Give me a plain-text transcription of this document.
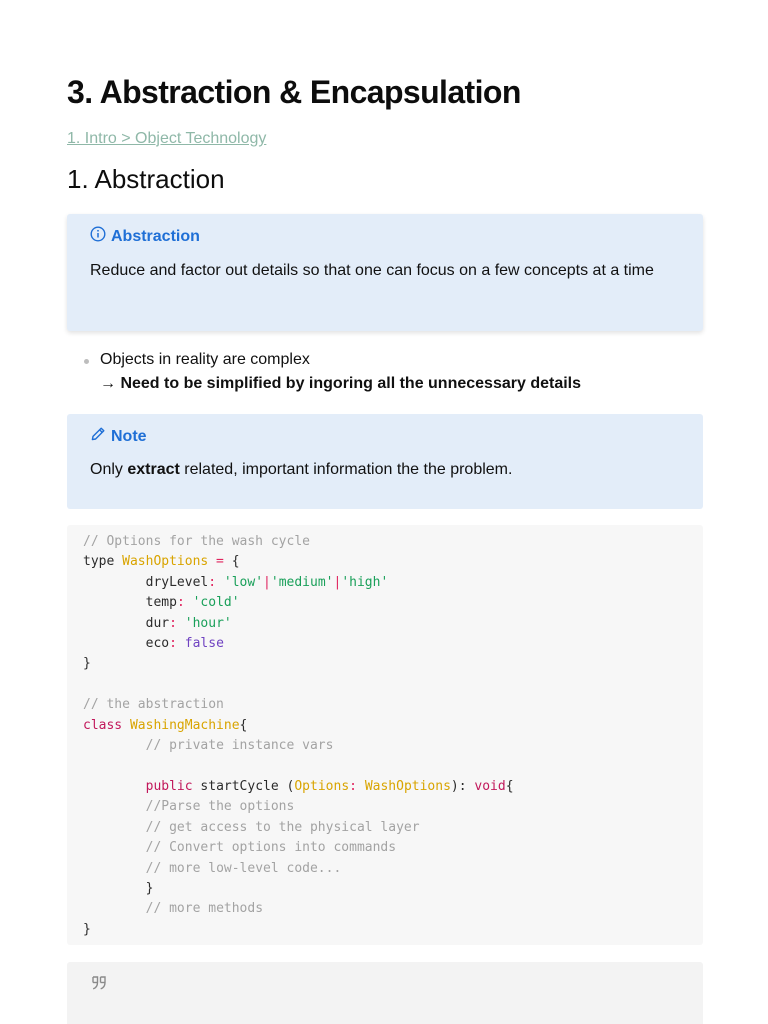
3. Abstraction & Encapsulation
1. Intro > Object Technology
1. Abstraction
Abstraction
Reduce and factor out details so that one can focus on a few concepts at a time
Objects in reality are complex
→ Need to be simplified by ingoring all the unnecessary details
Note
Only extract related, important information the the problem.
// Options for the wash cycle
type WashOptions = {
dryLevel: 'low'|'medium'|'high'
temp: 'cold'
dur: 'hour'
eco: false
}

// the abstraction
class WashingMachine{
// private instance vars

public startCycle (Options: WashOptions): void{
//Parse the options
// get access to the physical layer
// Convert options into commands
// more low-level code...
}
// more methods
}
